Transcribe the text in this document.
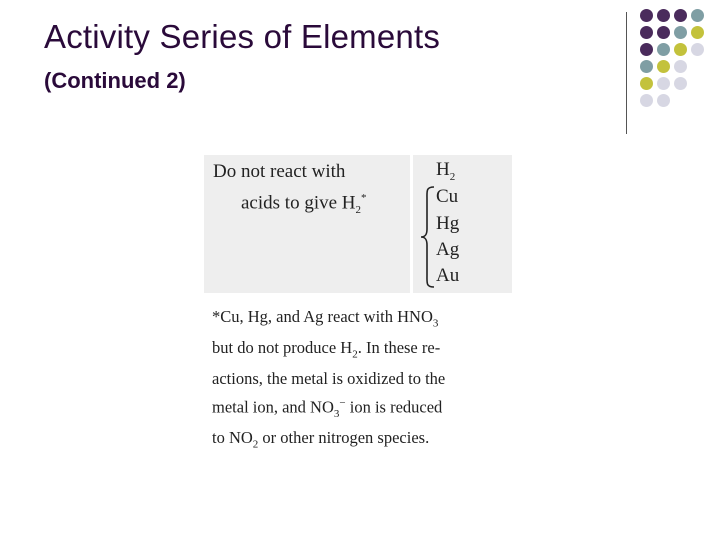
Activity Series of Elements
(Continued 2)
Do not react with
acids to give $H_2^*$
$H_2$
Cu
Hg
Ag
Au
*Cu, Hg, and Ag react with $HNO_3$
but do not produce $H_2$. In these re-
actions, the metal is oxidized to the
metal ion, and $NO_3^-$ ion is reduced
to $NO_2$ or other nitrogen species.
